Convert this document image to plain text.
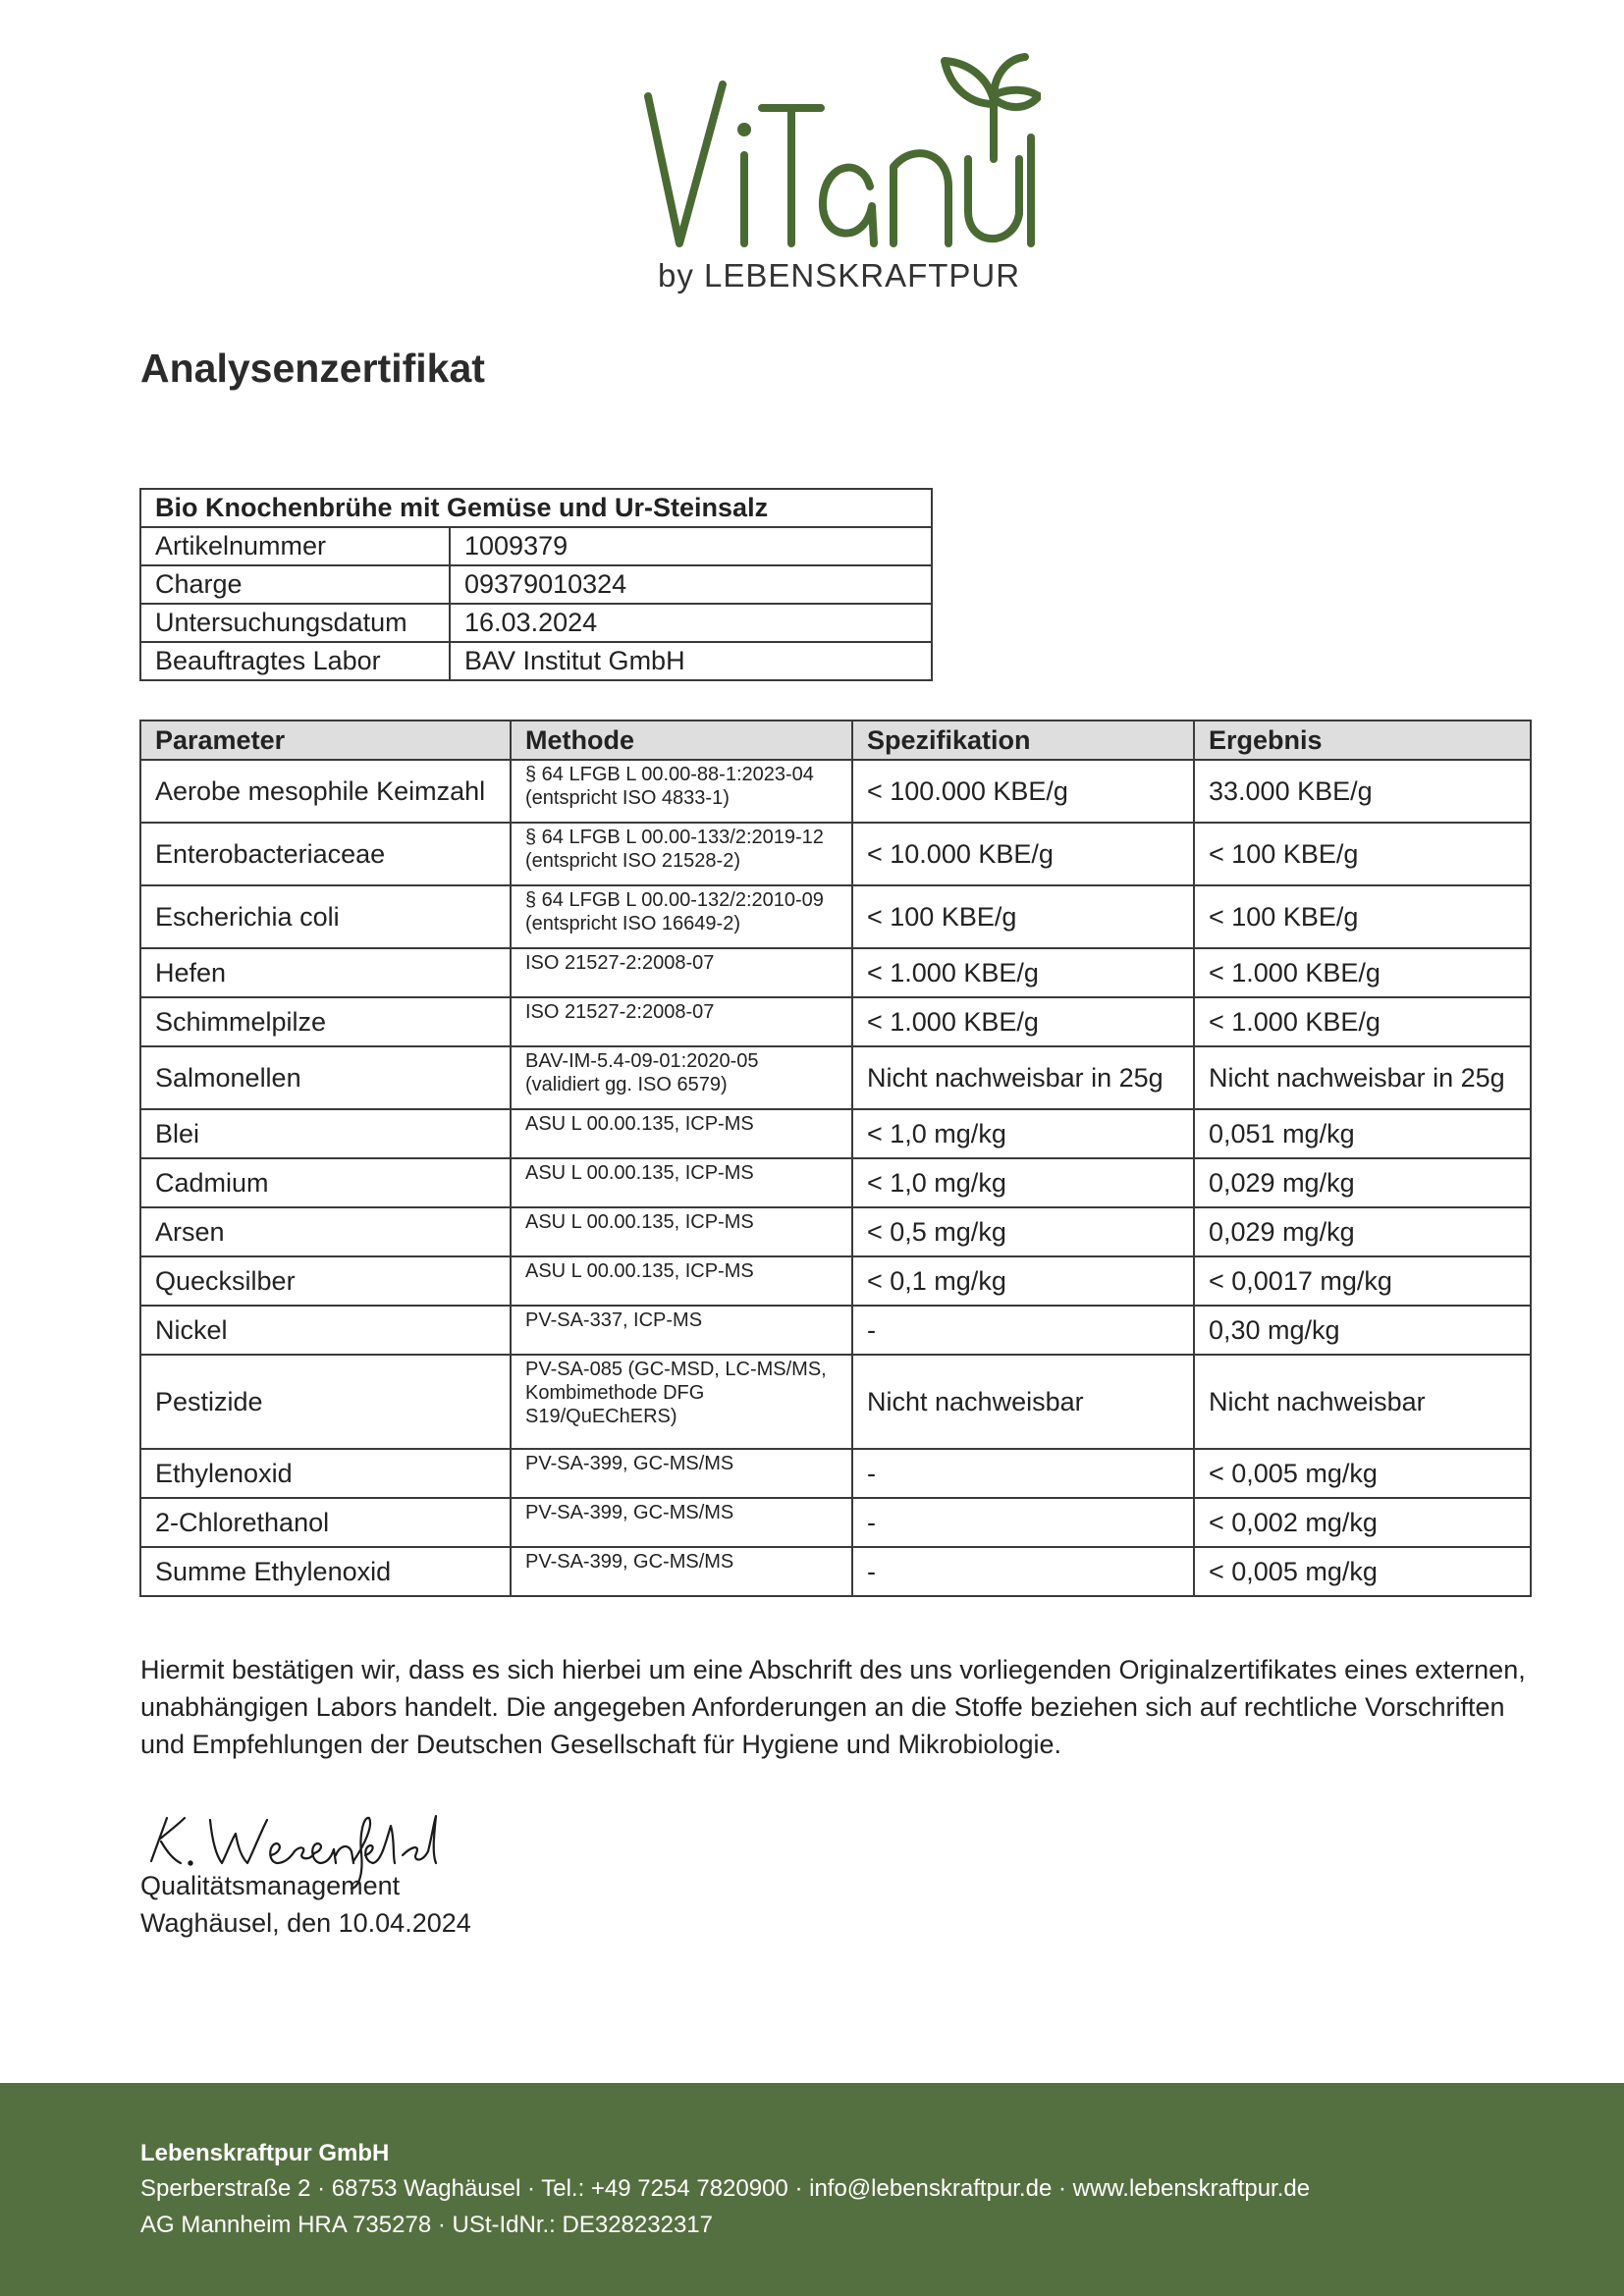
by LEBENSKRAFTPUR
Analysenzertifikat
Bio Knochenbrühe mit Gemüse und Ur-Steinsalz	
Artikelnummer	1009379
Charge	09379010324
Untersuchungsdatum	16.03.2024
Beauftragtes Labor	BAV Institut GmbH
Parameter	Methode	Spezifikation	Ergebnis
Aerobe mesophile Keimzahl	§ 64 LFGB L 00.00-88-1:2023-04 (entspricht ISO 4833-1)	< 100.000 KBE/g	33.000 KBE/g
Enterobacteriaceae	§ 64 LFGB L 00.00-133/2:2019-12 (entspricht ISO 21528-2)	< 10.000 KBE/g	< 100 KBE/g
Escherichia coli	§ 64 LFGB L 00.00-132/2:2010-09 (entspricht ISO 16649-2)	< 100 KBE/g	< 100 KBE/g
Hefen	ISO 21527-2:2008-07	< 1.000 KBE/g	< 1.000 KBE/g
Schimmelpilze	ISO 21527-2:2008-07	< 1.000 KBE/g	< 1.000 KBE/g
Salmonellen	BAV-IM-5.4-09-01:2020-05 (validiert gg. ISO 6579)	Nicht nachweisbar in 25g	Nicht nachweisbar in 25g
Blei	ASU L 00.00.135, ICP-MS	< 1,0 mg/kg	0,051 mg/kg
Cadmium	ASU L 00.00.135, ICP-MS	< 1,0 mg/kg	0,029 mg/kg
Arsen	ASU L 00.00.135, ICP-MS	< 0,5 mg/kg	0,029 mg/kg
Quecksilber	ASU L 00.00.135, ICP-MS	< 0,1 mg/kg	< 0,0017 mg/kg
Nickel	PV-SA-337, ICP-MS	-	0,30 mg/kg
Pestizide	PV-SA-085 (GC-MSD, LC-MS/MS, Kombimethode DFG S19/QuEChERS)	Nicht nachweisbar	Nicht nachweisbar
Ethylenoxid	PV-SA-399, GC-MS/MS	-	< 0,005 mg/kg
2-Chlorethanol	PV-SA-399, GC-MS/MS	-	< 0,002 mg/kg
Summe Ethylenoxid	PV-SA-399, GC-MS/MS	-	< 0,005 mg/kg

Hiermit bestätigen wir, dass es sich hierbei um eine Abschrift des uns vorliegenden Originalzertifikates eines externen, unabhängigen Labors handelt. Die angegeben Anforderungen an die Stoffe beziehen sich auf rechtliche Vorschriften und Empfehlungen der Deutschen Gesellschaft für Hygiene und Mikrobiologie.

Qualitätsmanagement
Waghäusel, den 10.04.2024
Lebenskraftpur GmbH
Sperberstraße 2 · 68753 Waghäusel · Tel.: +49 7254 7820900 · info@lebenskraftpur.de · www.lebenskraftpur.de
AG Mannheim HRA 735278 · USt-IdNr.: DE328232317
